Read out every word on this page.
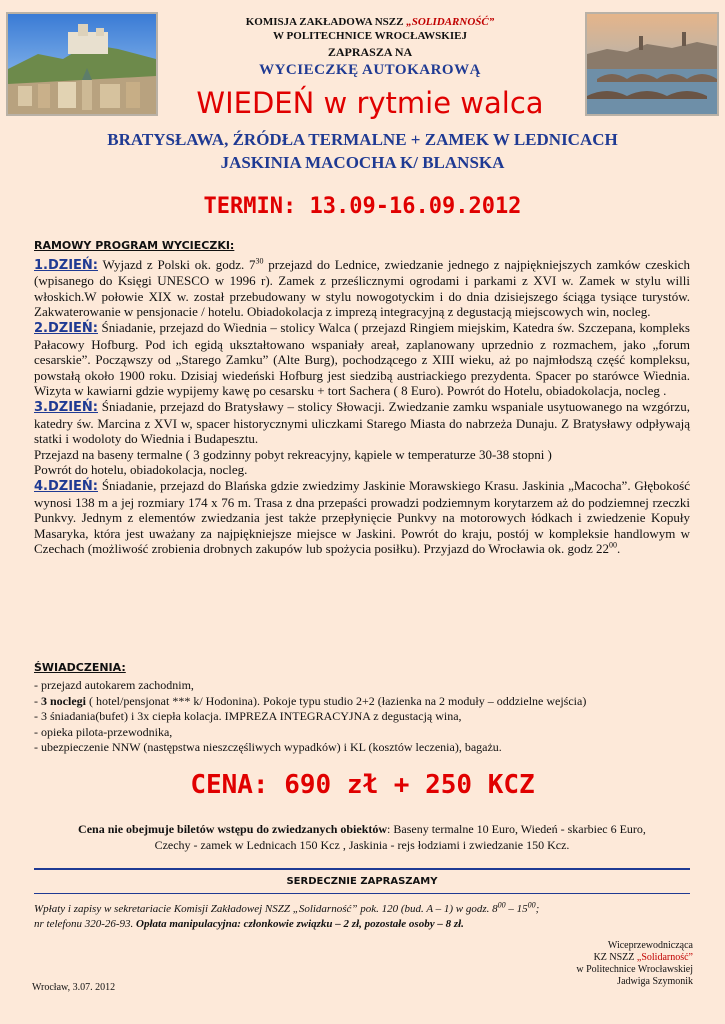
KOMISJA ZAKŁADOWA NSZZ „SOLIDARNOŚĆ”
W POLITECHNICE WROCŁAWSKIEJ
ZAPRASZA NA
WYCIECZKĘ AUTOKAROWĄ
WIEDEŃ w rytmie walca
BRATYSŁAWA, ŹRÓDŁA TERMALNE + ZAMEK W LEDNICACH
JASKINIA MACOCHA K/ BLANSKA
TERMIN: 13.09-16.09.2012
RAMOWY PROGRAM WYCIECZKI:

1.DZIEŃ: Wyjazd z Polski ok. godz. $7^{30}$ przejazd do Lednice, zwiedzanie jednego z najpiękniejszych zamków czeskich (wpisanego do Księgi UNESCO w 1996 r). Zamek z prześlicznymi ogrodami i parkami z XVI w. Zamek w stylu willi włoskich.W połowie XIX w. został przebudowany w stylu nowogotyckim i do dnia dzisiejszego ściąga tysiące turystów. Zakwaterowanie w pensjonacie / hotelu. Obiadokolacja z imprezą integracyjną z degustacją miejscowych win, nocleg.

2.DZIEŃ: Śniadanie, przejazd do Wiednia – stolicy Walca ( przejazd Ringiem miejskim, Katedra św. Szczepana, kompleks Pałacowy Hofburg. Pod ich egidą ukształtowano wspaniały areał, zaplanowany uprzednio z rozmachem, jako „forum cesarskie”. Począwszy od „Starego Zamku” (Alte Burg), pochodzącego z XIII wieku, aż po najmłodszą część kompleksu, powstałą około 1900 roku. Dzisiaj wiedeński Hofburg jest siedzibą austriackiego prezydenta. Spacer po starówce Wiednia. Wizyta w kawiarni gdzie wypijemy kawę po cesarsku + tort Sachera ( 8 Euro). Powrót do Hotelu, obiadokolacja, nocleg .

3.DZIEŃ: Śniadanie, przejazd do Bratysławy – stolicy Słowacji. Zwiedzanie zamku wspaniale usytuowanego na wzgórzu, katedry św. Marcina z XVI w, spacer historycznymi uliczkami Starego Miasta do nabrzeża Dunaju. Z Bratysławy odpływają statki i wodoloty do Wiednia i Budapesztu.

Przejazd na baseny termalne ( 3 godzinny pobyt rekreacyjny, kąpiele w temperaturze 30-38 stopni )

Powrót do hotelu, obiadokolacja, nocleg.

4.DZIEŃ: Śniadanie, przejazd do Blańska gdzie zwiedzimy Jaskinie Morawskiego Krasu. Jaskinia „Macocha”. Głębokość wynosi 138 m a jej rozmiary 174 x 76 m. Trasa z dna przepaści prowadzi podziemnym korytarzem aż do podziemnej rzeczki Punkvy. Jednym z elementów zwiedzania jest także przepłynięcie Punkvy na motorowych łódkach i zwiedzenie Kopuły Masaryka, która jest uważany za najpiękniejsze miejsce w Jaskini. Powrót do kraju, postój w kompleksie handlowym w Czechach (możliwość zrobienia drobnych zakupów lub spożycia posiłku). Przyjazd do Wrocławia ok. godz $22^{00}$.

ŚWIADCZENIA:
- przejazd autokarem zachodnim,
- 3 noclegi ( hotel/pensjonat *** k/ Hodonina). Pokoje typu studio 2+2 (łazienka na 2 moduły – oddzielne wejścia)
- 3 śniadania(bufet) i 3x ciepła kolacja. IMPREZA INTEGRACYJNA z degustacją wina,
- opieka pilota-przewodnika,
- ubezpieczenie NNW (następstwa nieszczęśliwych wypadków) i KL (kosztów leczenia), bagażu.
CENA: 690 zł + 250 KCZ
Cena nie obejmuje biletów wstępu do zwiedzanych obiektów: Baseny termalne 10 Euro, Wiedeń - skarbiec 6 Euro,
Czechy - zamek w Lednicach 150 Kcz , Jaskinia - rejs łodziami i zwiedzanie 150 Kcz.
SERDECZNIE ZAPRASZAMY
Wpłaty i zapisy w sekretariacie Komisji Zakładowej NSZZ „Solidarność” pok. 120 (bud. A – 1) w godz. $8^{00} - 15^{00}$;
nr telefonu 320-26-93. Opłata manipulacyjna: członkowie związku – 2 zł, pozostałe osoby – 8 zł.
Wiceprzewodnicząca
KZ NSZZ „Solidarność”
w Politechnice Wrocławskiej
Jadwiga Szymonik
Wrocław, 3.07. 2012
